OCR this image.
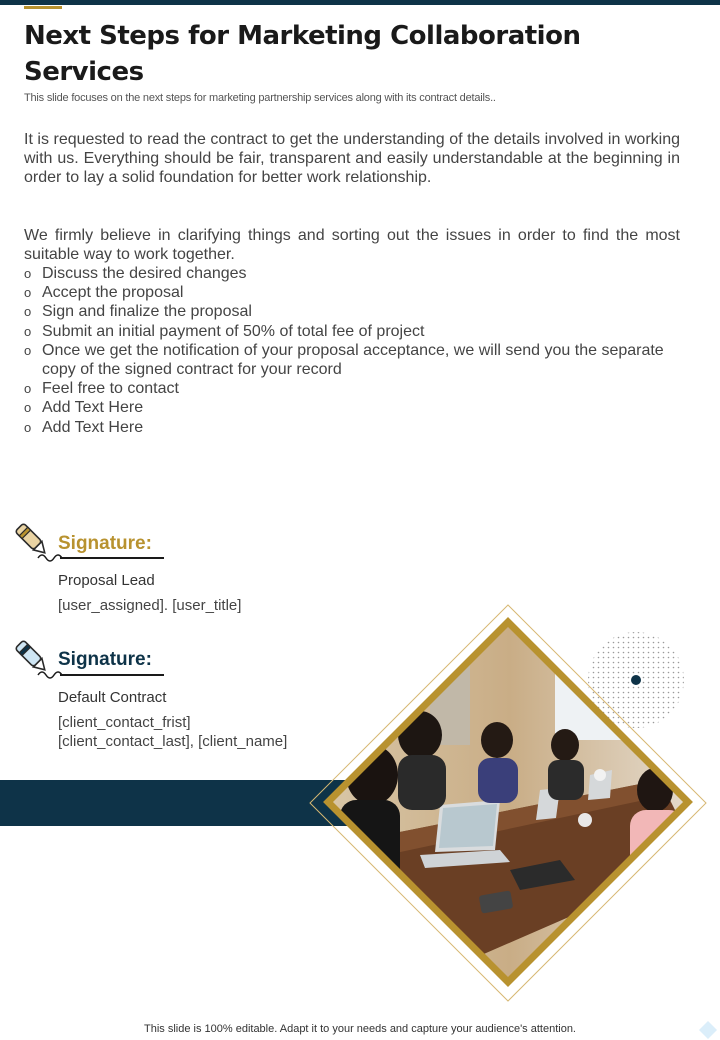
Next Steps for Marketing Collaboration Services
This slide focuses on the next steps for marketing partnership services along with its contract details..

It is requested to read the contract to get the understanding of the details involved in working with us. Everything should be fair, transparent and easily understandable at the beginning in order to lay a solid foundation for better work relationship.

We firmly believe in clarifying things and sorting out the issues in order to find the most suitable way to work together.

o Discuss the desired changes
o Accept the proposal
o Sign and finalize the proposal
o Submit an initial payment of 50% of total fee of project
o Once we get the notification of your proposal acceptance, we will send you the separate copy of the signed contract for your record
o Feel free to contact
o Add Text Here
o Add Text Here
Signature:
Proposal Lead
[user_assigned]. [user_title]
Signature:
Default Contract
[client_contact_frist]
[client_contact_last], [client_name]
This slide is 100% editable. Adapt it to your needs and capture your audience's attention.
